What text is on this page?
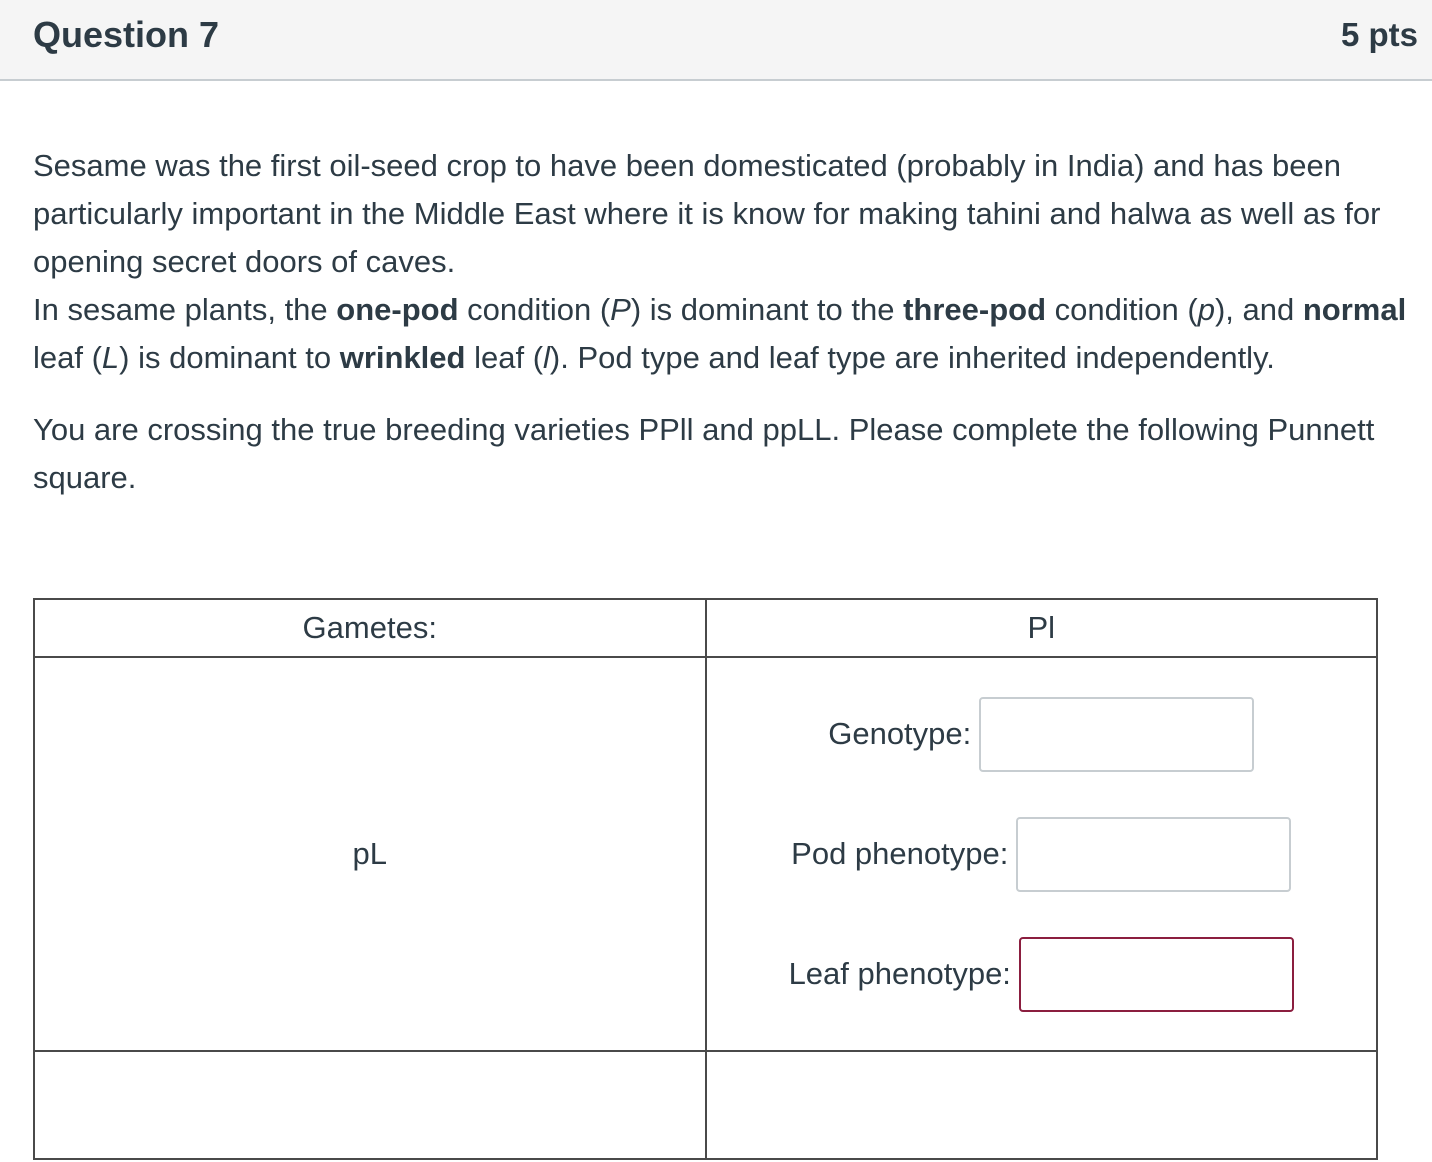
Question 7	5 pts

Sesame was the first oil-seed crop to have been domesticated (probably in India) and has been particularly important in the Middle East where it is know for making tahini and halwa as well as for opening secret doors of caves.
In sesame plants, the one-pod condition (P) is dominant to the three-pod condition (p), and normal leaf (L) is dominant to wrinkled leaf (l). Pod type and leaf type are inherited independently.

You are crossing the true breeding varieties PPll and ppLL. Please complete the following Punnett square.

Gametes:	Pl
pL	Genotype:
Pod phenotype:
Leaf phenotype:
